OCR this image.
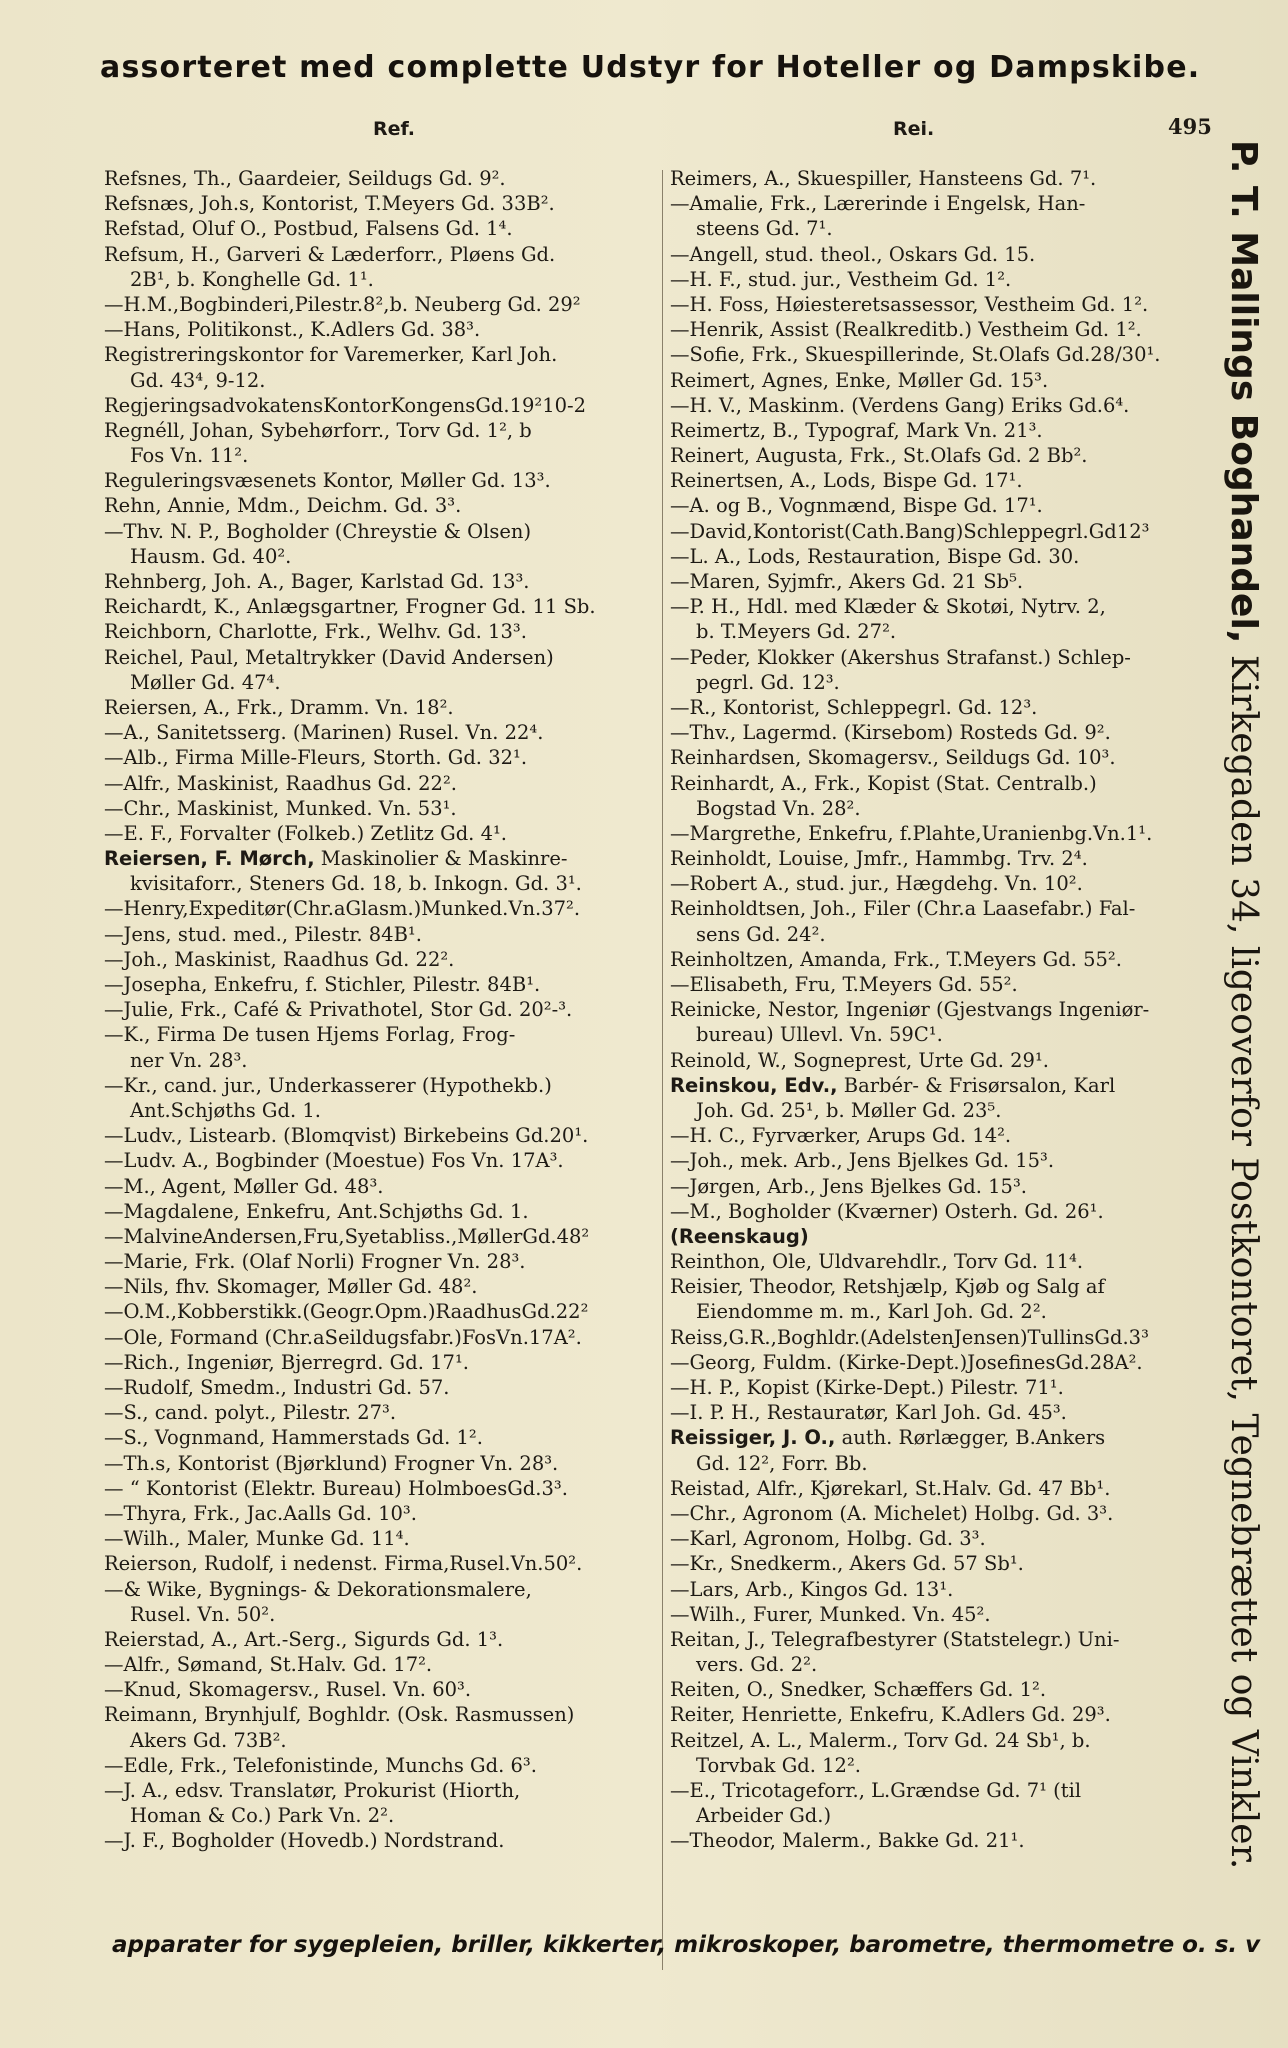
assorteret med complette Udstyr for Hoteller og Dampskibe.
Ref.	Rei.	495
Refsnes, Th., Gaardeier, Seildugs Gd. 9².
Refsnæs, Joh.s, Kontorist, T.Meyers Gd. 33B².
Refstad, Oluf O., Postbud, Falsens Gd. 1⁴.
Refsum, H., Garveri & Læderforr., Pløens Gd.
2B¹, b. Konghelle Gd. 1¹.
—H.M.,Bogbinderi,Pilestr.8²,b. Neuberg Gd. 29²
—Hans, Politikonst., K.Adlers Gd. 38³.
Registreringskontor for Varemerker, Karl Joh.
Gd. 43⁴, 9-12.
RegjeringsadvokatensKontorKongensGd.19²10-2
Regnéll, Johan, Sybehørforr., Torv Gd. 1², b
Fos Vn. 11².
Reguleringsvæsenets Kontor, Møller Gd. 13³.
Rehn, Annie, Mdm., Deichm. Gd. 3³.
—Thv. N. P., Bogholder (Chreystie & Olsen)
Hausm. Gd. 40².
Rehnberg, Joh. A., Bager, Karlstad Gd. 13³.
Reichardt, K., Anlægsgartner, Frogner Gd. 11 Sb.
Reichborn, Charlotte, Frk., Welhv. Gd. 13³.
Reichel, Paul, Metaltrykker (David Andersen)
Møller Gd. 47⁴.
Reiersen, A., Frk., Dramm. Vn. 18².
—A., Sanitetsserg. (Marinen) Rusel. Vn. 22⁴.
—Alb., Firma Mille-Fleurs, Storth. Gd. 32¹.
—Alfr., Maskinist, Raadhus Gd. 22².
—Chr., Maskinist, Munked. Vn. 53¹.
—E. F., Forvalter (Folkeb.) Zetlitz Gd. 4¹.
Reiersen, F. Mørch, Maskinolier & Maskinre-
kvisitaforr., Steners Gd. 18, b. Inkogn. Gd. 3¹.
—Henry,Expeditør(Chr.aGlasm.)Munked.Vn.37².
—Jens, stud. med., Pilestr. 84B¹.
—Joh., Maskinist, Raadhus Gd. 22².
—Josepha, Enkefru, f. Stichler, Pilestr. 84B¹.
—Julie, Frk., Café & Privathotel, Stor Gd. 20²-³.
—K., Firma De tusen Hjems Forlag, Frog-
ner Vn. 28³.
—Kr., cand. jur., Underkasserer (Hypothekb.)
Ant.Schjøths Gd. 1.
—Ludv., Listearb. (Blomqvist) Birkebeins Gd.20¹.
—Ludv. A., Bogbinder (Moestue) Fos Vn. 17A³.
—M., Agent, Møller Gd. 48³.
—Magdalene, Enkefru, Ant.Schjøths Gd. 1.
—MalvineAndersen,Fru,Syetabliss.,MøllerGd.48²
—Marie, Frk. (Olaf Norli) Frogner Vn. 28³.
—Nils, fhv. Skomager, Møller Gd. 48².
—O.M.,Kobberstikk.(Geogr.Opm.)RaadhusGd.22²
—Ole, Formand (Chr.aSeildugsfabr.)FosVn.17A².
—Rich., Ingeniør, Bjerregrd. Gd. 17¹.
—Rudolf, Smedm., Industri Gd. 57.
—S., cand. polyt., Pilestr. 27³.
—S., Vognmand, Hammerstads Gd. 1².
—Th.s, Kontorist (Bjørklund) Frogner Vn. 28³.
— “ Kontorist (Elektr. Bureau) HolmboesGd.3³.
—Thyra, Frk., Jac.Aalls Gd. 10³.
—Wilh., Maler, Munke Gd. 11⁴.
Reierson, Rudolf, i nedenst. Firma,Rusel.Vn.50².
—& Wike, Bygnings- & Dekorationsmalere,
Rusel. Vn. 50².
Reierstad, A., Art.-Serg., Sigurds Gd. 1³.
—Alfr., Sømand, St.Halv. Gd. 17².
—Knud, Skomagersv., Rusel. Vn. 60³.
Reimann, Brynhjulf, Boghldr. (Osk. Rasmussen)
Akers Gd. 73B².
—Edle, Frk., Telefonistinde, Munchs Gd. 6³.
—J. A., edsv. Translatør, Prokurist (Hiorth,
Homan & Co.) Park Vn. 2².
—J. F., Bogholder (Hovedb.) Nordstrand.
Reimers, A., Skuespiller, Hansteens Gd. 7¹.
—Amalie, Frk., Lærerinde i Engelsk, Han-
steens Gd. 7¹.
—Angell, stud. theol., Oskars Gd. 15.
—H. F., stud. jur., Vestheim Gd. 1².
—H. Foss, Høiesteretsassessor, Vestheim Gd. 1².
—Henrik, Assist (Realkreditb.) Vestheim Gd. 1².
—Sofie, Frk., Skuespillerinde, St.Olafs Gd.28/30¹.
Reimert, Agnes, Enke, Møller Gd. 15³.
—H. V., Maskinm. (Verdens Gang) Eriks Gd.6⁴.
Reimertz, B., Typograf, Mark Vn. 21³.
Reinert, Augusta, Frk., St.Olafs Gd. 2 Bb².
Reinertsen, A., Lods, Bispe Gd. 17¹.
—A. og B., Vognmænd, Bispe Gd. 17¹.
—David,Kontorist(Cath.Bang)Schleppegrl.Gd12³
—L. A., Lods, Restauration, Bispe Gd. 30.
—Maren, Syjmfr., Akers Gd. 21 Sb⁵.
—P. H., Hdl. med Klæder & Skotøi, Nytrv. 2,
b. T.Meyers Gd. 27².
—Peder, Klokker (Akershus Strafanst.) Schlep-
pegrl. Gd. 12³.
—R., Kontorist, Schleppegrl. Gd. 12³.
—Thv., Lagermd. (Kirsebom) Rosteds Gd. 9².
Reinhardsen, Skomagersv., Seildugs Gd. 10³.
Reinhardt, A., Frk., Kopist (Stat. Centralb.)
Bogstad Vn. 28².
—Margrethe, Enkefru, f.Plahte,Uranienbg.Vn.1¹.
Reinholdt, Louise, Jmfr., Hammbg. Trv. 2⁴.
—Robert A., stud. jur., Hægdehg. Vn. 10².
Reinholdtsen, Joh., Filer (Chr.a Laasefabr.) Fal-
sens Gd. 24².
Reinholtzen, Amanda, Frk., T.Meyers Gd. 55².
—Elisabeth, Fru, T.Meyers Gd. 55².
Reinicke, Nestor, Ingeniør (Gjestvangs Ingeniør-
bureau) Ullevl. Vn. 59C¹.
Reinold, W., Sogneprest, Urte Gd. 29¹.
Reinskou, Edv., Barbér- & Frisørsalon, Karl
Joh. Gd. 25¹, b. Møller Gd. 23⁵.
—H. C., Fyrværker, Arups Gd. 14².
—Joh., mek. Arb., Jens Bjelkes Gd. 15³.
—Jørgen, Arb., Jens Bjelkes Gd. 15³.
—M., Bogholder (Kværner) Osterh. Gd. 26¹.
(Reenskaug)
Reinthon, Ole, Uldvarehdlr., Torv Gd. 11⁴.
Reisier, Theodor, Retshjælp, Kjøb og Salg af
Eiendomme m. m., Karl Joh. Gd. 2².
Reiss,G.R.,Boghldr.(AdelstenJensen)TullinsGd.3³
—Georg, Fuldm. (Kirke-Dept.)JosefinesGd.28A².
—H. P., Kopist (Kirke-Dept.) Pilestr. 71¹.
—I. P. H., Restauratør, Karl Joh. Gd. 45³.
Reissiger, J. O., auth. Rørlægger, B.Ankers
Gd. 12², Forr. Bb.
Reistad, Alfr., Kjørekarl, St.Halv. Gd. 47 Bb¹.
—Chr., Agronom (A. Michelet) Holbg. Gd. 3³.
—Karl, Agronom, Holbg. Gd. 3³.
—Kr., Snedkerm., Akers Gd. 57 Sb¹.
—Lars, Arb., Kingos Gd. 13¹.
—Wilh., Furer, Munked. Vn. 45².
Reitan, J., Telegrafbestyrer (Statstelegr.) Uni-
vers. Gd. 2².
Reiten, O., Snedker, Schæffers Gd. 1².
Reiter, Henriette, Enkefru, K.Adlers Gd. 29³.
Reitzel, A. L., Malerm., Torv Gd. 24 Sb¹, b.
Torvbak Gd. 12².
—E., Tricotageforr., L.Grændse Gd. 7¹ (til
Arbeider Gd.)
—Theodor, Malerm., Bakke Gd. 21¹.
P. T. Mallings Boghandel, Kirkegaden 34, ligeoverfor Postkontoret, Tegnebrættet og Vinkler.
apparater for sygepleien, briller, kikkerter, mikroskoper, barometre, thermometre o. s. v
